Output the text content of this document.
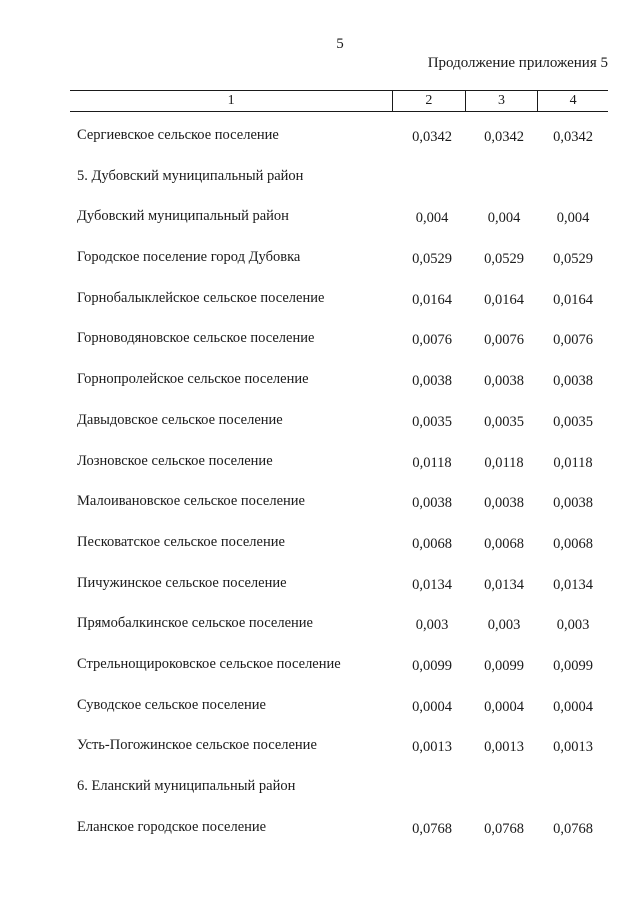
5
Продолжение приложения 5
1	2	3	4
Сергиевское сельское поселение	0,0342	0,0342	0,0342
5. Дубовский муниципальный район
Дубовский муниципальный район	0,004	0,004	0,004
Городское поселение город Дубовка	0,0529	0,0529	0,0529
Горнобалыклейское сельское поселение	0,0164	0,0164	0,0164
Горноводяновское сельское поселение	0,0076	0,0076	0,0076
Горнопролейское сельское поселение	0,0038	0,0038	0,0038
Давыдовское сельское поселение	0,0035	0,0035	0,0035
Лозновское сельское поселение	0,0118	0,0118	0,0118
Малоивановское сельское поселение	0,0038	0,0038	0,0038
Песковатское сельское поселение	0,0068	0,0068	0,0068
Пичужинское сельское поселение	0,0134	0,0134	0,0134
Прямобалкинское сельское поселение	0,003	0,003	0,003
Стрельнощироковское сельское поселение	0,0099	0,0099	0,0099
Суводское сельское поселение	0,0004	0,0004	0,0004
Усть-Погожинское сельское поселение	0,0013	0,0013	0,0013
6. Еланский муниципальный район
Еланское городское поселение	0,0768	0,0768	0,0768
